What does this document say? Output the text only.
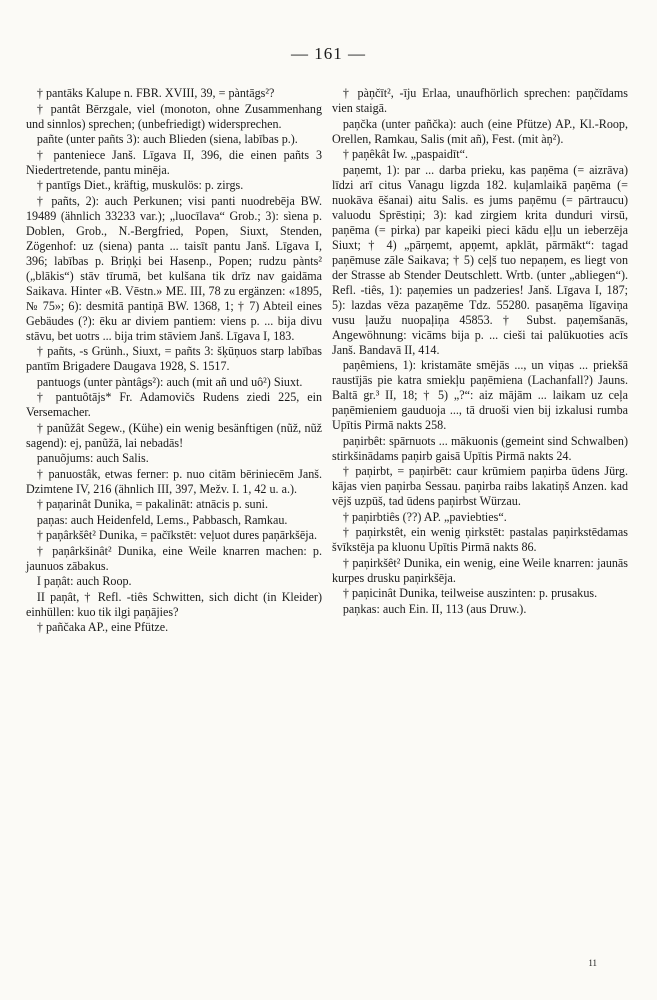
— 161 —

† pantāks Kalupe n. FBR. XVIII, 39, = pàntāgs²?

† pantât Bērzgale, viel (monoton, ohne Zusammenhang und sinnlos) sprechen; (unbefriedigt) widersprechen.

pañte (unter pañts 3): auch Blieden (siena, labības p.).

† panteniece Janš. Līgava II, 396, die einen pañts 3 Niedertretende, pantu minēja.

† pantīgs Diet., kräftig, muskulös: p. zirgs.

† pañts, 2): auch Perkunen; visi panti nuodrebēja BW. 19489 (ähnlich 33233 var.); „luocīlava“ Grob.; 3): sìena p. Doblen, Grob., N.-Bergfried, Popen, Siuxt, Stenden, Zögenhof: uz (siena) panta ... taisīt pantu Janš. Līgava I, 396; labības p. Briņķi bei Hasenp., Popen; rudzu pànts² („blākis“) stāv tīrumā, bet kulšana tik drīz nav gaidāma Saikava. Hinter «B. Vēstn.» ME. III, 78 zu ergänzen: «1895, № 75»; 6): desmitā pantiņā BW. 1368, 1; † 7) Abteil eines Gebäudes (?): ēku ar diviem pantiem: viens p. ... bija divu stāvu, bet uotrs ... bija trim stāviem Janš. Līgava I, 183.

† pañts, -s Grünh., Siuxt, = pañts 3: šķūņuos starp labības pantīm Brigadere Daugava 1928, S. 1517.

pantuogs (unter pàntâgs²): auch (mit añ und uô²) Siuxt.

† pantuôtājs* Fr. Adamovičs Rudens ziedi 225, ein Versemacher.

† panũžât Segew., (Kühe) ein wenig besänftigen (nũž, nũž sagend): ej, panũžā, lai nebadās!

panuõjums: auch Salis.

† panuostâk, etwas ferner: p. nuo citām bēriniecēm Janš. Dzimtene IV, 216 (ähnlich III, 397, Mežv. I. 1, 42 u. a.).

† paņarinât Dunika, = pakalināt: atnācis p. suni.

paņas: auch Heidenfeld, Lems., Pabbasch, Ramkau.

† paņârkšêt² Dunika, = pačīkstēt: veļuot dures paņārkšēja.

† paņârkšinât² Dunika, eine Weile knarren machen: p. jaunuos zābakus.

I paņât: auch Roop.

II paņât, † Refl. -tiês Schwitten, sich dicht (in Kleider) einhüllen: kuo tik ilgi paņājies?

† pañčaka AP., eine Pfütze.

† pàņčīt², -īju Erlaa, unaufhörlich sprechen: paņčīdams vien staigā.

paņčka (unter pañčka): auch (eine Pfütze) AP., Kl.-Roop, Orellen, Ramkau, Salis (mit añ), Fest. (mit àņ²).

† paņêkât Iw. „paspaidīt“.

paņemt, 1): par ... darba prieku, kas paņēma (= aizrāva) līdzi arī citus Vanagu ligzda 182. kuļamlaikā paņēma (= nuokāva ēšanai) aitu Salis. es jums paņēmu (= pārtraucu) valuodu Sprēstiņi; 3): kad zirgiem krita dunduri virsū, paņēma (= pirka) par kapeiki pieci kādu eļļu un ieberzēja Siuxt; † 4) „pārņemt, apņemt, apklāt, pārmākt“: tagad paņēmuse zāle Saikava; † 5) ceļš tuo nepaņem, es liegt von der Strasse ab Stender Deutschlett. Wrtb. (unter „abliegen“). Refl. -tiês, 1): paņemies un padzeries! Janš. Līgava I, 187; 5): lazdas vēza pazaņēme Tdz. 55280. pasaņēma līgaviņa vusu ļaužu nuopaļiņa 45853. † Subst. paņemšanās, Angewöhnung: vicāms bija p. ... cieši tai palūkuoties acīs Janš. Bandavā II, 414.

paņêmiens, 1): kristamāte smējās ..., un viņas ... priekšā raustījās pie katra smiekļu paņēmiena (Lachanfall?) Jauns. Baltā gr.³ II, 18; † 5) „?“: aiz mājām ... laikam uz ceļa paņēmieniem gauduoja ..., tā druoši vien bij izkalusi rumba Upītis Pirmā nakts 258.

paņirbêt: spārnuots ... mākuonis (gemeint sind Schwalben) stirkšinādams paņirb gaisā Upītis Pirmā nakts 24.

† paņirbt, = paņirbēt: caur krūmiem paņirba ūdens Jürg. kājas vien paņirba Sessau. paņirba raibs lakatiņš Anzen. kad vējš uzpūš, tad ūdens paņirbst Würzau.

† paņirbtiês (??) AP. „paviebties“.

† paņirkstêt, ein wenig ņirkstēt: pastalas paņirkstēdamas švīkstēja pa kluonu Upītis Pirmā nakts 86.

† paņirkšêt² Dunika, ein wenig, eine Weile knarren: jaunās kurpes drusku paņirkšēja.

† paņicinât Dunika, teilweise auszinten: p. prusakus.

paņkas: auch Ein. II, 113 (aus Druw.).

11
